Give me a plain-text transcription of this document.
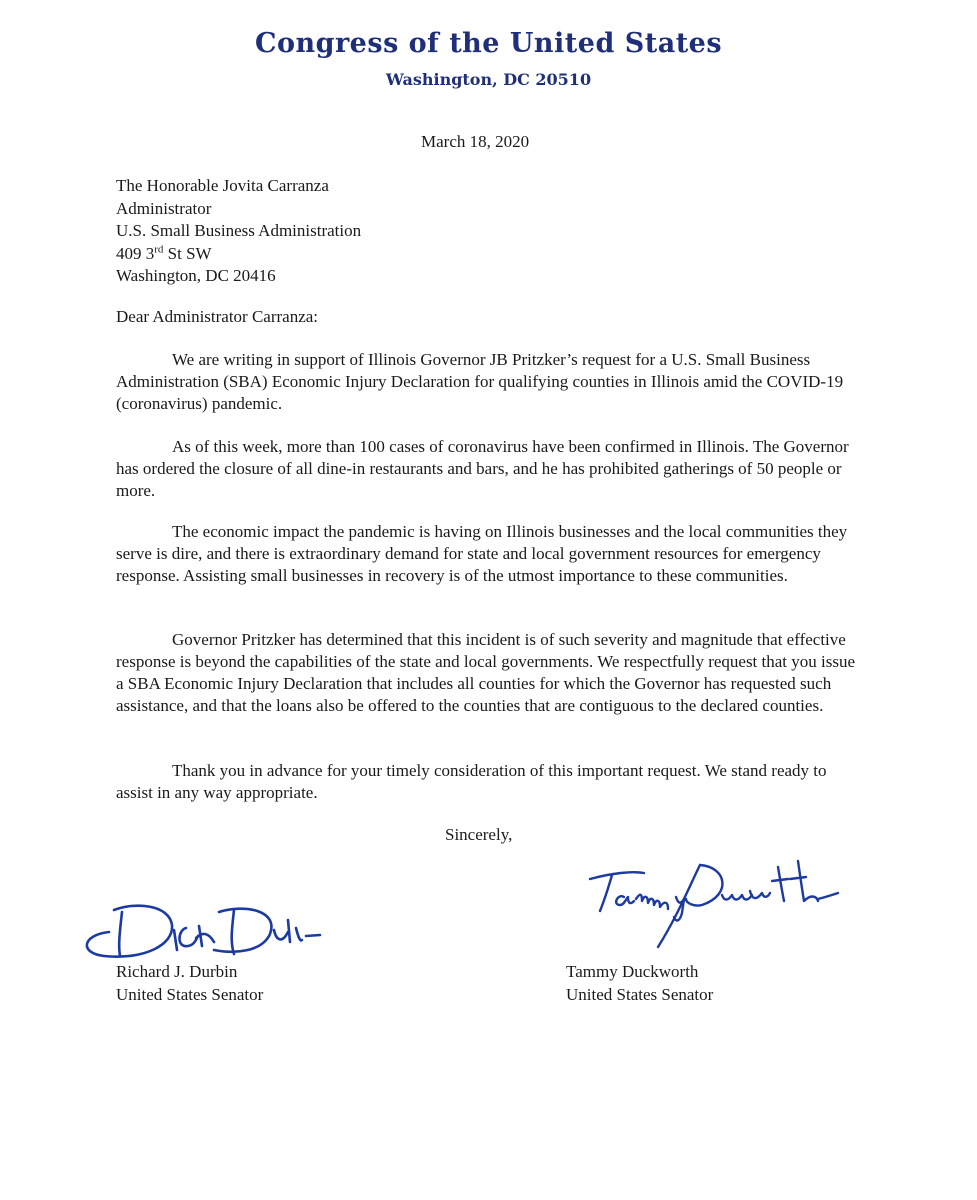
Congress of the United States
Washington, DC 20510
March 18, 2020
The Honorable Jovita Carranza
Administrator
U.S. Small Business Administration
409 3rd St SW
Washington, DC 20416
Dear Administrator Carranza:

We are writing in support of Illinois Governor JB Pritzker’s request for a U.S. Small Business Administration (SBA) Economic Injury Declaration for qualifying counties in Illinois amid the COVID-19 (coronavirus) pandemic.

As of this week, more than 100 cases of coronavirus have been confirmed in Illinois. The Governor has ordered the closure of all dine-in restaurants and bars, and he has prohibited gatherings of 50 people or more.

The economic impact the pandemic is having on Illinois businesses and the local communities they serve is dire, and there is extraordinary demand for state and local government resources for emergency response. Assisting small businesses in recovery is of the utmost importance to these communities.

Governor Pritzker has determined that this incident is of such severity and magnitude that effective response is beyond the capabilities of the state and local governments. We respectfully request that you issue a SBA Economic Injury Declaration that includes all counties for which the Governor has requested such assistance, and that the loans also be offered to the counties that are contiguous to the declared counties.

Thank you in advance for your timely consideration of this important request. We stand ready to assist in any way appropriate.

Sincerely,
Richard J. Durbin
United States Senator
Tammy Duckworth
United States Senator
